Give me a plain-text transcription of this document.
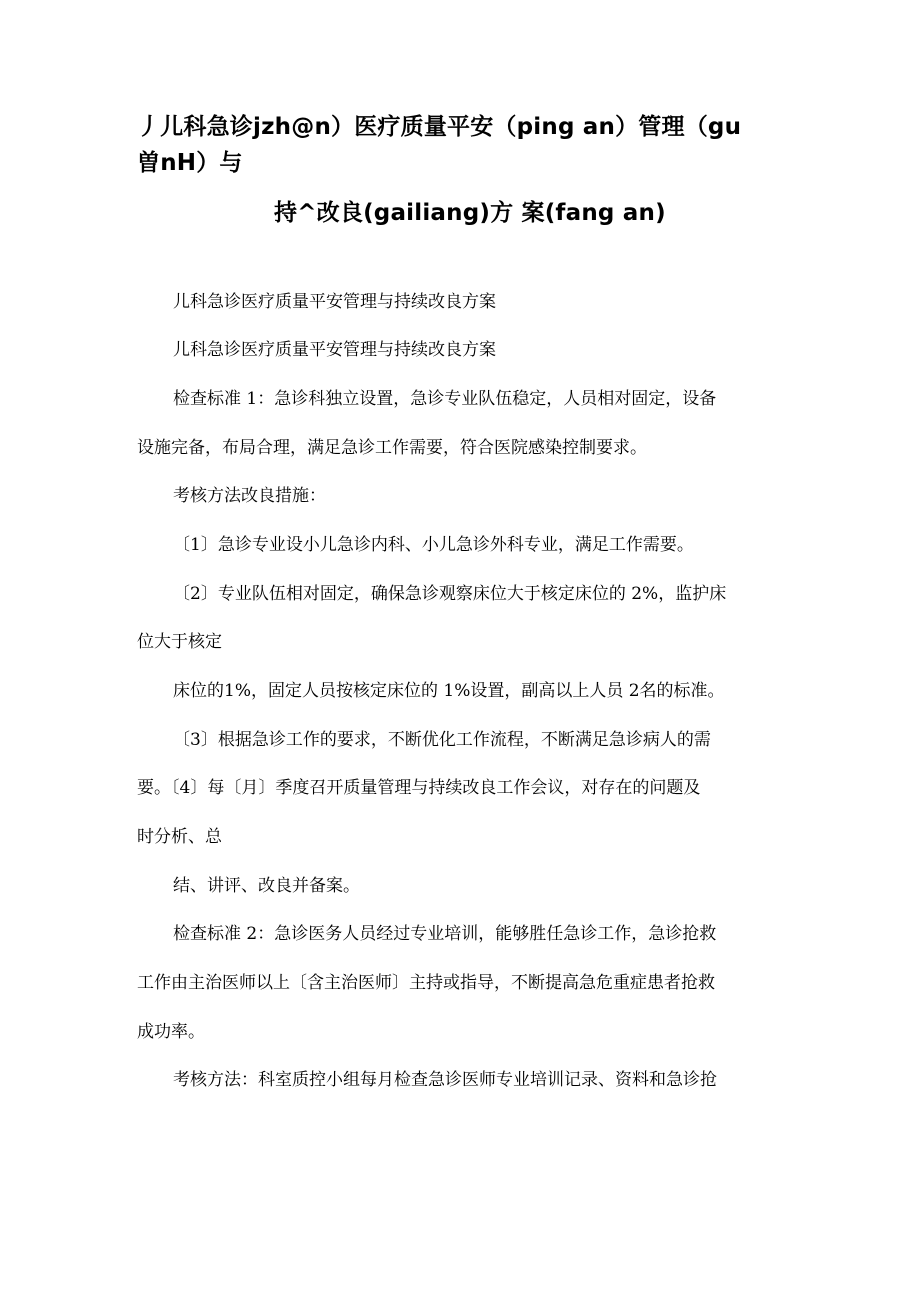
丿儿科急诊jzh@n）医疗质量平安（ping an）管理（gu
曽nH）与
持^改良(gailiang)方 案(fang an)
儿科急诊医疗质量平安管理与持续改良方案
儿科急诊医疗质量平安管理与持续改良方案
检查标准 1：急诊科独立设置，急诊专业队伍稳定，人员相对固定，设备
设施完备，布局合理，满足急诊工作需要，符合医院感染控制要求。
考核方法改良措施：
〔1〕急诊专业设小儿急诊内科、小儿急诊外科专业，满足工作需要。
〔2〕专业队伍相对固定，确保急诊观察床位大于核定床位的 2%，监护床
位大于核定
床位的1%，固定人员按核定床位的 1%设置，副高以上人员 2名的标准。
〔3〕根据急诊工作的要求，不断优化工作流程，不断满足急诊病人的需
要。〔4〕每〔月〕季度召开质量管理与持续改良工作会议，对存在的问题及
时分析、总
结、讲评、改良并备案。
检查标准 2：急诊医务人员经过专业培训，能够胜任急诊工作，急诊抢救
工作由主治医师以上〔含主治医师〕主持或指导，不断提高急危重症患者抢救
成功率。
考核方法：科室质控小组每月检查急诊医师专业培训记录、资料和急诊抢
